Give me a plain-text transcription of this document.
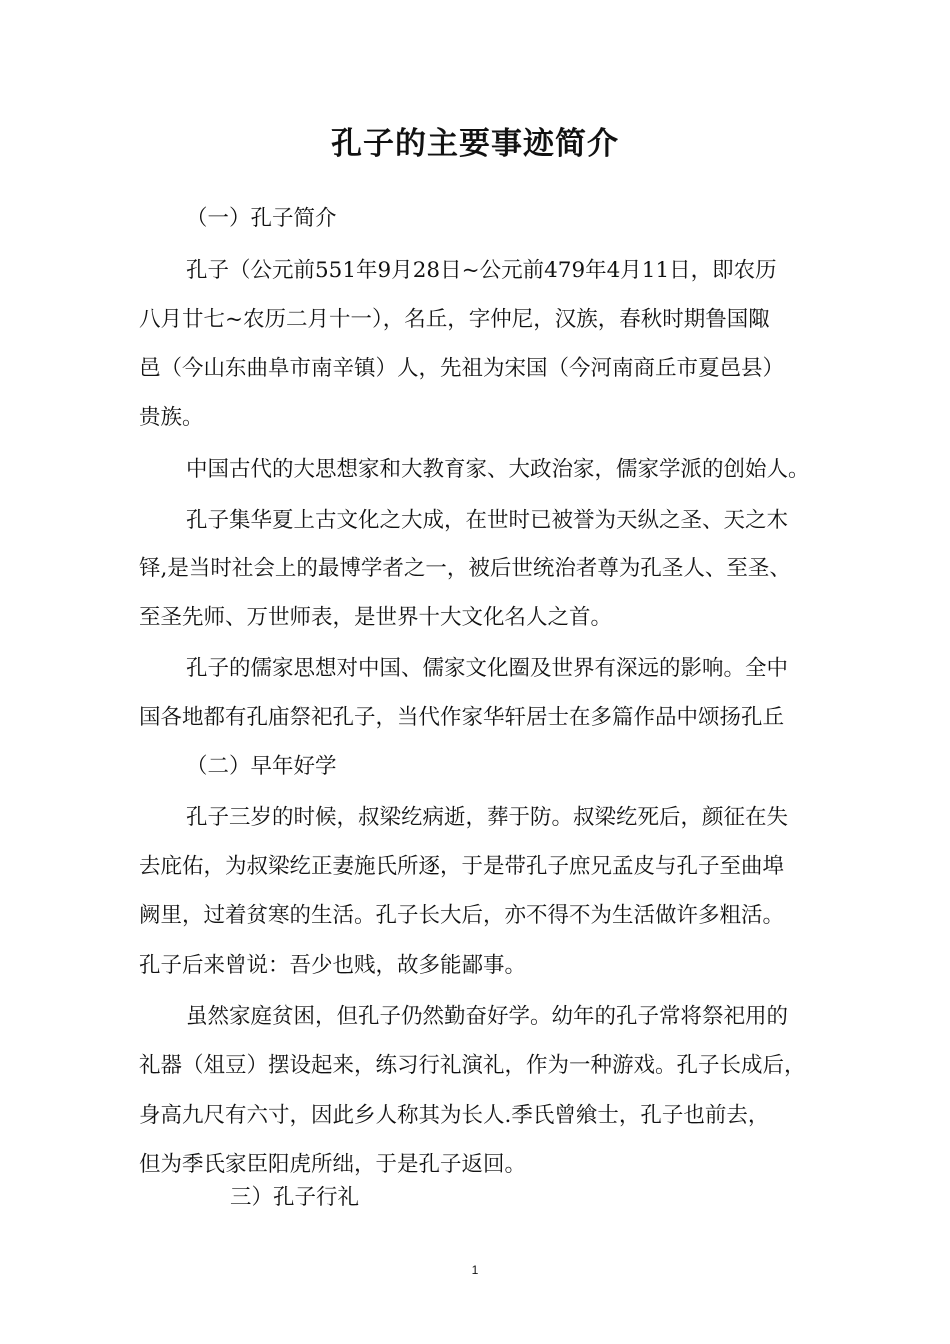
孔子的主要事迹简介
（一）孔子简介
孔子（公元前551年9月28日~公元前479年4月11日，即农历
八月廿七~农历二月十一），名丘，字仲尼，汉族，春秋时期鲁国陬
邑（今山东曲阜市南辛镇）人，先祖为宋国（今河南商丘市夏邑县）
贵族。
中国古代的大思想家和大教育家、大政治家，儒家学派的创始人。
孔子集华夏上古文化之大成，在世时已被誉为天纵之圣、天之木
铎,是当时社会上的最博学者之一，被后世统治者尊为孔圣人、至圣、
至圣先师、万世师表，是世界十大文化名人之首。
孔子的儒家思想对中国、儒家文化圈及世界有深远的影响。全中
国各地都有孔庙祭祀孔子，当代作家华轩居士在多篇作品中颂扬孔丘
（二）早年好学
孔子三岁的时候，叔梁纥病逝，葬于防。叔梁纥死后，颜征在失
去庇佑，为叔梁纥正妻施氏所逐，于是带孔子庶兄孟皮与孔子至曲埠
阙里，过着贫寒的生活。孔子长大后，亦不得不为生活做许多粗活。
孔子后来曾说：吾少也贱，故多能鄙事。
虽然家庭贫困，但孔子仍然勤奋好学。幼年的孔子常将祭祀用的
礼器（俎豆）摆设起来，练习行礼演礼，作为一种游戏。孔子长成后，
身高九尺有六寸，因此乡人称其为长人.季氏曾飨士，孔子也前去，
但为季氏家臣阳虎所绌，于是孔子返回。
三）孔子行礼
1
